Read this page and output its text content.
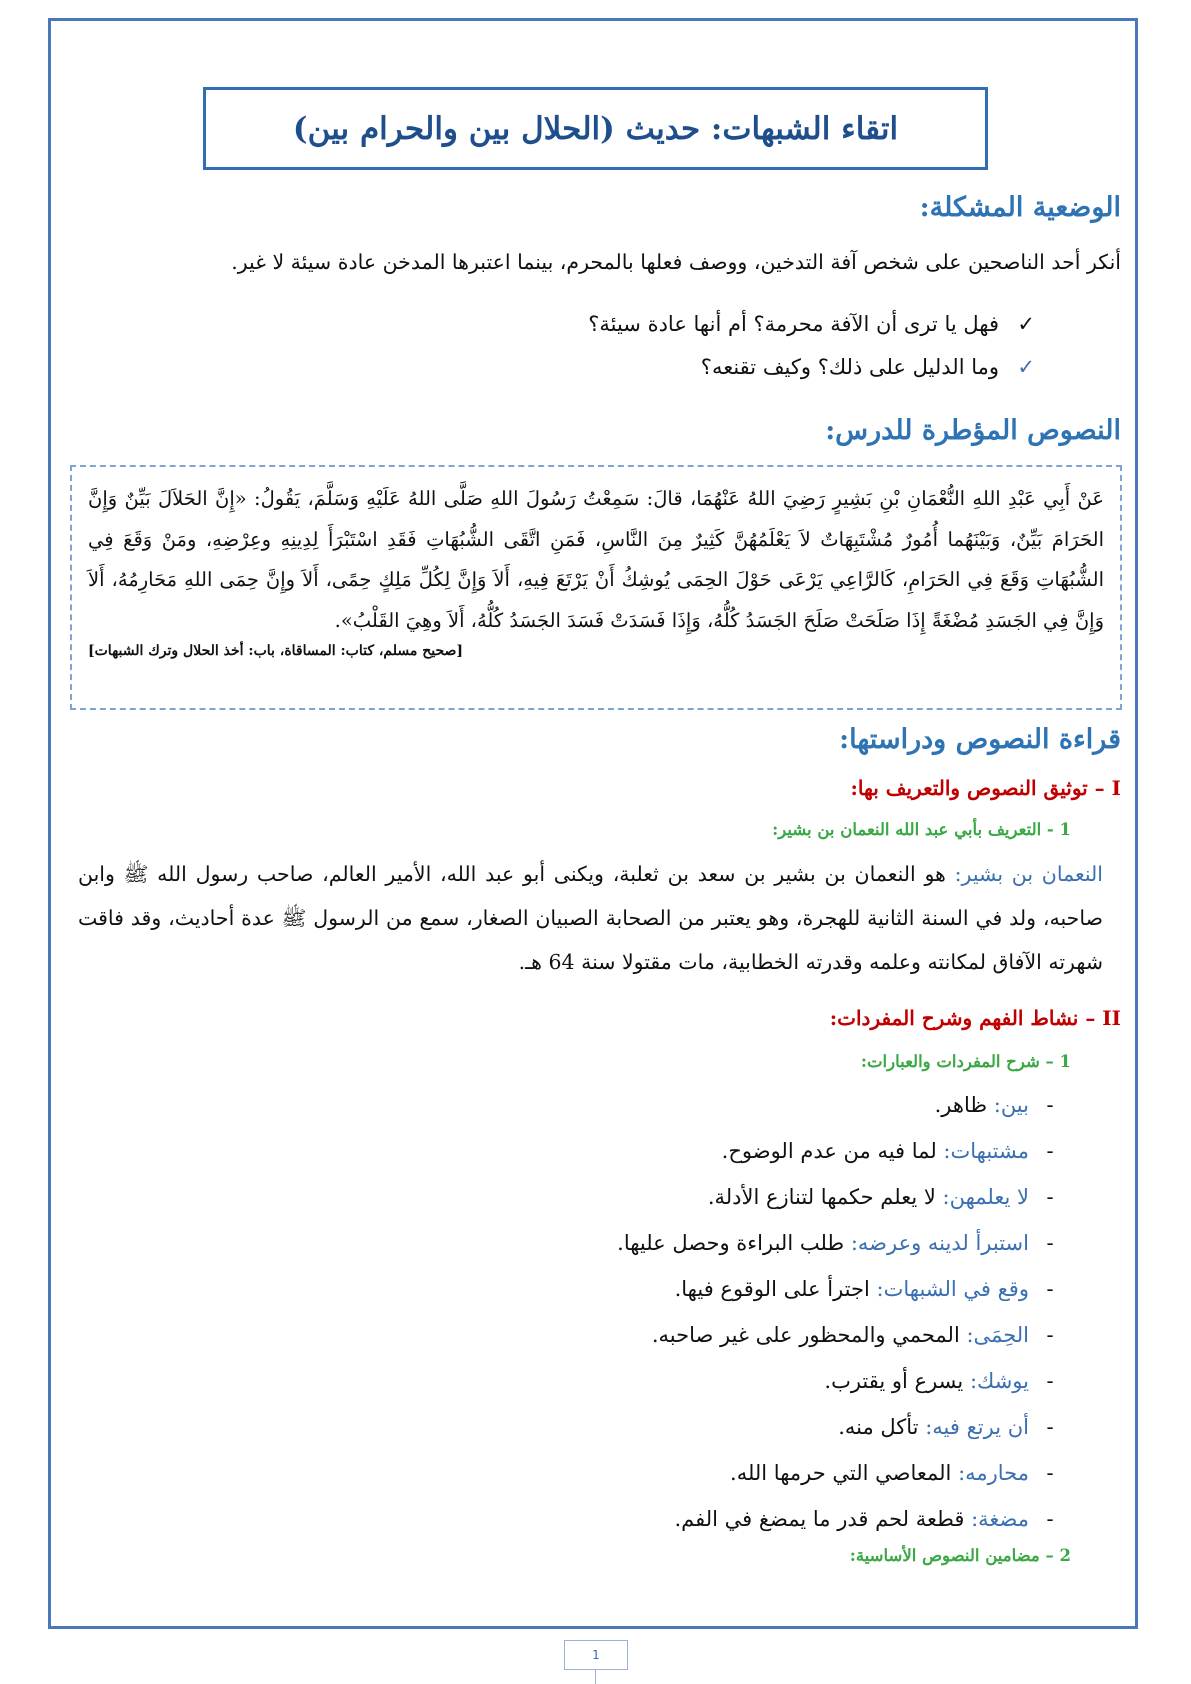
اتقاء الشبهات: حديث (الحلال بين والحرام بين)
الوضعية المشكلة:

أنكر أحد الناصحين على شخص آفة التدخين، ووصف فعلها بالمحرم، بينما اعتبرها المدخن عادة سيئة لا غير.

✓فهل يا ترى أن الآفة محرمة؟ أم أنها عادة سيئة؟

✓وما الدليل على ذلك؟ وكيف تقنعه؟

النصوص المؤطرة للدرس:

عَنْ أَبِي عَبْدِ اللهِ النُّعْمَانِ بْنِ بَشِيرٍ رَضِيَ اللهُ عَنْهُمَا، قالَ: سَمِعْتُ رَسُولَ اللهِ صَلَّى اللهُ عَلَيْهِ وَسَلَّمَ، يَقُولُ: «إِنَّ الحَلاَلَ بَيِّنٌ وَإِنَّ الحَرَامَ بَيِّنٌ، وَبَيْنَهُما أُمُورٌ مُشْتَبِهَاتٌ لاَ يَعْلَمُهُنَّ كَثِيرٌ مِنَ النَّاسِ، فَمَنِ اتَّقَى الشُّبُهَاتِ فَقَدِ اسْتَبْرَأَ لِدِينِهِ وعِرْضِهِ، ومَنْ وَقَعَ فِي الشُّبُهَاتِ وَقَعَ فِي الحَرَامِ، كَالرَّاعِي يَرْعَى حَوْلَ الحِمَى يُوشِكُ أَنْ يَرْتَعَ فِيهِ، أَلاَ وَإِنَّ لِكُلِّ مَلِكٍ حِمًى، أَلاَ وإِنَّ حِمَى اللهِ مَحَارِمُهُ، أَلاَ وَإِنَّ فِي الجَسَدِ مُضْغَةً إِذَا صَلَحَتْ صَلَحَ الجَسَدُ كُلُّهُ، وَإِذَا فَسَدَتْ فَسَدَ الجَسَدُ كُلُّهُ، أَلاَ وهِيَ القَلْبُ».

[صحيح مسلم، كتاب: المساقاة، باب: أخذ الحلال وترك الشبهات]

قراءة النصوص ودراستها:
I – توثيق النصوص والتعريف بها:
1 - التعريف بأبي عبد الله النعمان بن بشير:

النعمان بن بشير: هو النعمان بن بشير بن سعد بن ثعلبة، ويكنى أبو عبد الله، الأمير العالم، صاحب رسول الله ﷺ وابن صاحبه، ولد في السنة الثانية للهجرة، وهو يعتبر من الصحابة الصبيان الصغار، سمع من الرسول ﷺ عدة أحاديث، وقد فاقت شهرته الآفاق لمكانته وعلمه وقدرته الخطابية، مات مقتولا سنة 64 هـ.

II – نشاط الفهم وشرح المفردات:
1 – شرح المفردات والعبارات:
-بين: ظاهر.
-مشتبهات: لما فيه من عدم الوضوح.
-لا يعلمهن: لا يعلم حكمها لتنازع الأدلة.
-استبرأ لدينه وعرضه: طلب البراءة وحصل عليها.
-وقع في الشبهات: اجترأ على الوقوع فيها.
-الحِمَى: المحمي والمحظور على غير صاحبه.
-يوشك: يسرع أو يقترب.
-أن يرتع فيه: تأكل منه.
-محارمه: المعاصي التي حرمها الله.
-مضغة: قطعة لحم قدر ما يمضغ في الفم.
2 – مضامين النصوص الأساسية:
1
